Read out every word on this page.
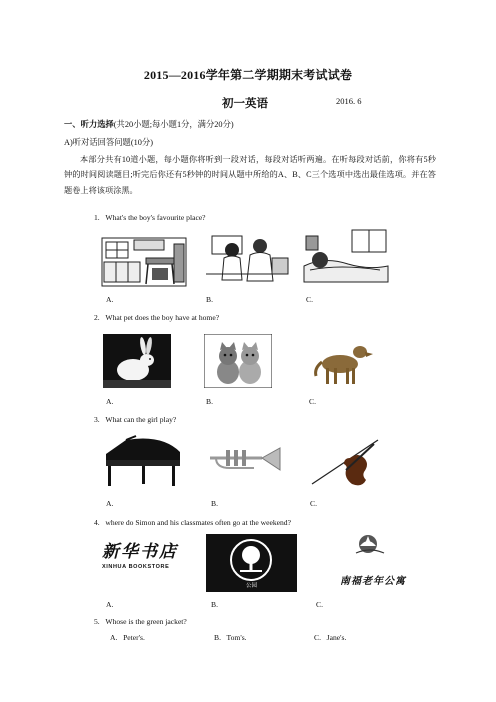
2015—2016学年第二学期期末考试试卷
初一英语	2016. 6
一、听力选择(共20小题;每小题1分，满分20分)
A)听对话回答问题(10分)
本部分共有10道小题，每小题你将听到一段对话，每段对话听两遍。在听每段对话前，你将有5秒钟的时间阅读题目;听完后你还有5秒钟的时间从题中所给的A、B、C三个选项中选出最佳选项。并在答题卷上将该项涂黑。
1. What's the boy's favourite place?
A.	B.	C.
2. What pet does the boy have at home?
A.	B.	C.
3. What can the girl play?
A.	B.	C.
4. where do Simon and his classmates often go at the weekend?
新华书店
XINHUA BOOKSTORE
公园	南福老年公寓
A.	B.	C.
5. Whose is the green jacket?
A.   Peter's.	B.   Tom's.	C.   Jane's.
